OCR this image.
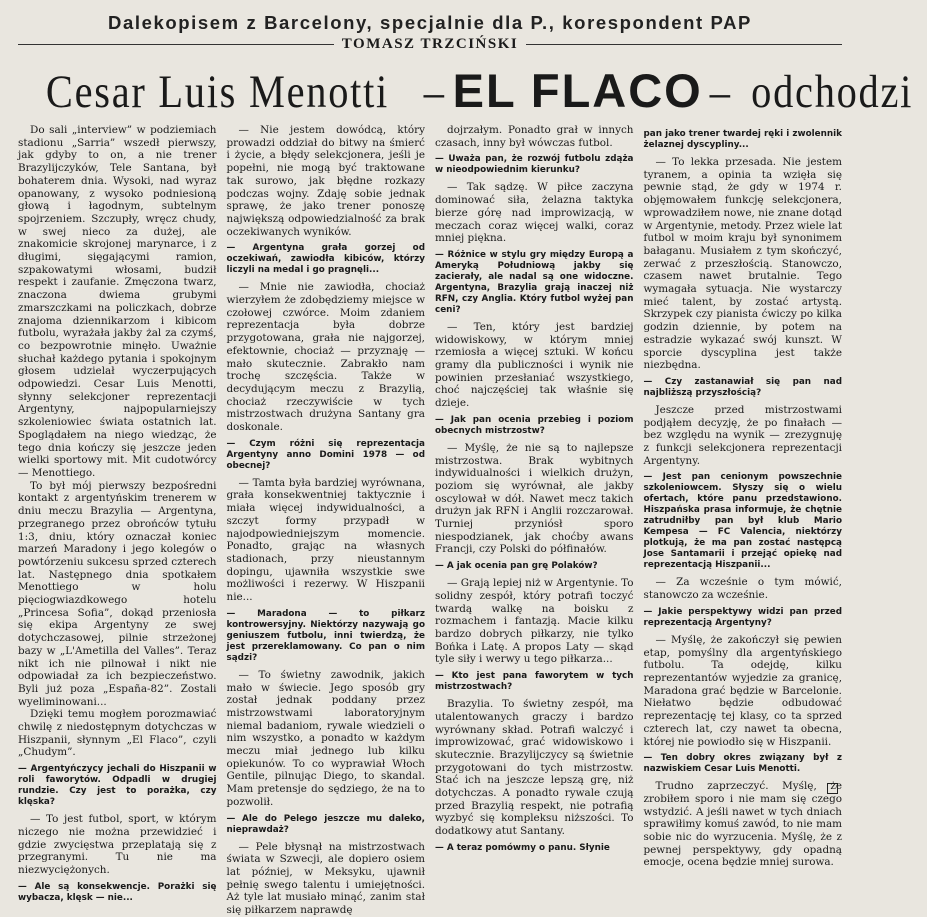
Dalekopisem z Barcelony, specjalnie dla P., korespondent PAP
TOMASZ TRZCIŃSKI
Cesar Luis Menotti – EL FLACO – odchodzi

Do sali „interview” w podziemiach stadionu „Sarria” wszedł pierwszy, jak gdyby to on, a nie trener Brazylijczyków, Tele Santana, był bohaterem dnia. Wysoki, nad wyraz opanowany, z wysoko podniesioną głową i łagodnym, subtelnym spojrzeniem. Szczupły, wręcz chudy, w swej nieco za dużej, ale znakomicie skrojonej marynarce, i z długimi, sięgającymi ramion, szpakowatymi włosami, budził respekt i zaufanie. Zmęczona twarz, znaczona dwiema grubymi zmarszczkami na policzkach, dobrze znajoma dziennikarzom i kibicom futbolu, wyrażała jakby żal za czymś, co bezpowrotnie minęło. Uważnie słuchał każdego pytania i spokojnym głosem udzielał wyczerpujących odpowiedzi. Cesar Luis Menotti, słynny selekcjoner reprezentacji Argentyny, najpopularniejszy szkoleniowiec świata ostatnich lat. Spoglądałem na niego wiedząc, że tego dnia kończy się jeszcze jeden wielki sportowy mit. Mit cudotwórcy — Menottiego.

To był mój pierwszy bezpośredni kontakt z argentyńskim trenerem w dniu meczu Brazylia — Argentyna, przegranego przez obrońców tytułu 1:3, dniu, który oznaczał koniec marzeń Maradony i jego kolegów o powtórzeniu sukcesu sprzed czterech lat. Następnego dnia spotkałem Menottiego w holu pięciogwiazdkowego hotelu „Princesa Sofia”, dokąd przeniosła się ekipa Argentyny ze swej dotychczasowej, pilnie strzeżonej bazy w „L'Ametilla del Valles”. Teraz nikt ich nie pilnował i nikt nie odpowiadał za ich bezpieczeństwo. Byli już poza „España-82”. Zostali wyeliminowani...

Dzięki temu mogłem porozmawiać chwilę z niedostępnym dotychczas w Hiszpanii, słynnym „El Flaco”, czyli „Chudym”.

— Argentyńczycy jechali do Hiszpanii w roli faworytów. Odpadli w drugiej rundzie. Czy jest to porażka, czy klęska?

— To jest futbol, sport, w którym niczego nie można przewidzieć i gdzie zwycięstwa przeplatają się z przegranymi. Tu nie ma niezwyciężonych.

— Ale są konsekwencje. Porażki się wybacza, klęsk — nie...

— Nie jestem dowódcą, który prowadzi oddział do bitwy na śmierć i życie, a błędy selekcjonera, jeśli je popełni, nie mogą być traktowane tak surowo, jak błędne rozkazy podczas wojny. Zdaję sobie jednak sprawę, że jako trener ponoszę największą odpowiedzialność za brak oczekiwanych wyników.

— Argentyna grała gorzej od oczekiwań, zawiodła kibiców, którzy liczyli na medal i go pragnęli...

— Mnie nie zawiodła, chociaż wierzyłem że zdobędziemy miejsce w czołowej czwórce. Moim zdaniem reprezentacja była dobrze przygotowana, grała nie najgorzej, efektownie, chociaż — przyznaję — mało skutecznie. Zabrakło nam trochę szczęścia. Także w decydującym meczu z Brazylią, chociaż rzeczywiście w tych mistrzostwach drużyna Santany gra doskonale.

— Czym różni się reprezentacja Argentyny anno Domini 1978 — od obecnej?

— Tamta była bardziej wyrównana, grała konsekwentniej taktycznie i miała więcej indywidualności, a szczyt formy przypadł w najodpowiedniejszym momencie. Ponadto, grając na własnych stadionach, przy nieustannym dopingu, ujawniła wszystkie swe możliwości i rezerwy. W Hiszpanii nie...

— Maradona — to piłkarz kontrowersyjny. Niektórzy nazywają go geniuszem futbolu, inni twierdzą, że jest przereklamowany. Co pan o nim sądzi?

— To świetny zawodnik, jakich mało w świecie. Jego sposób gry został jednak poddany przez mistrzowstwami laboratoryjnym niemal badaniom, rywale wiedzieli o nim wszystko, a ponadto w każdym meczu miał jednego lub kilku opiekunów. To co wyprawiał Włoch Gentile, pilnując Diego, to skandal. Mam pretensje do sędziego, że na to pozwolił.

— Ale do Pelego jeszcze mu daleko, nieprawdaż?

— Pele błysnął na mistrzostwach świata w Szwecji, ale dopiero osiem lat później, w Meksyku, ujawnił pełnię swego talentu i umiejętności. Aż tyle lat musiało minąć, zanim stał się piłkarzem naprawdę

dojrzałym. Ponadto grał w innych czasach, inny był wówczas futbol.

— Uważa pan, że rozwój futbolu zdąża w nieodpowiednim kierunku?

— Tak sądzę. W piłce zaczyna dominować siła, żelazna taktyka bierze górę nad improwizacją, w meczach coraz więcej walki, coraz mniej piękna.

— Różnice w stylu gry między Europą a Ameryką Południową jakby się zacierały, ale nadal są one widoczne. Argentyna, Brazylia grają inaczej niż RFN, czy Anglia. Który futbol wyżej pan ceni?

— Ten, który jest bardziej widowiskowy, w którym mniej rzemiosła a więcej sztuki. W końcu gramy dla publiczności i wynik nie powinien przesłaniać wszystkiego, choć najczęściej tak właśnie się dzieje.

— Jak pan ocenia przebieg i poziom obecnych mistrzostw?

— Myślę, że nie są to najlepsze mistrzostwa. Brak wybitnych indywidualności i wielkich drużyn, poziom się wyrównał, ale jakby oscylował w dół. Nawet mecz takich drużyn jak RFN i Anglii rozczarował. Turniej przyniósł sporo niespodzianek, jak choćby awans Francji, czy Polski do półfinałów.

— A jak ocenia pan grę Polaków?

— Grają lepiej niż w Argentynie. To solidny zespół, który potrafi toczyć twardą walkę na boisku z rozmachem i fantazją. Macie kilku bardzo dobrych piłkarzy, nie tylko Bońka i Latę. A propos Laty — skąd tyle siły i werwy u tego piłkarza...

— Kto jest pana faworytem w tych mistrzostwach?

Brazylia. To świetny zespół, ma utalentowanych graczy i bardzo wyrównany skład. Potrafi walczyć i improwizować, grać widowiskowo i skutecznie. Brazylijczycy są świetnie przygotowani do tych mistrzostw. Stać ich na jeszcze lepszą grę, niż dotychczas. A ponadto rywale czują przed Brazylią respekt, nie potrafią wyzbyć się kompleksu niższości. To dodatkowy atut Santany.

— A teraz pomówmy o panu. Słynie

pan jako trener twardej ręki i zwolennik żelaznej dyscypliny...

— To lekka przesada. Nie jestem tyranem, a opinia ta wzięła się pewnie stąd, że gdy w 1974 r. objęmowałem funkcję selekcjonera, wprowadziłem nowe, nie znane dotąd w Argentynie, metody. Przez wiele lat futbol w moim kraju był synonimem bałaganu. Musiałem z tym skończyć, zerwać z przeszłością. Stanowczo, czasem nawet brutalnie. Tego wymagała sytuacja. Nie wystarczy mieć talent, by zostać artystą. Skrzypek czy pianista ćwiczy po kilka godzin dziennie, by potem na estradzie wykazać swój kunszt. W sporcie dyscyplina jest także niezbędna.

— Czy zastanawiał się pan nad najbliższą przyszłością?

Jeszcze przed mistrzostwami podjąłem decyzję, że po finałach — bez względu na wynik — zrezygnuję z funkcji selekcjonera reprezentacji Argentyny.

— Jest pan cenionym powszechnie szkoleniowcem. Słyszy się o wielu ofertach, które panu przedstawiono. Hiszpańska prasa informuje, że chętnie zatrudniłby pan był klub Mario Kempesa — FC Valencia, niektórzy plotkują, że ma pan zostać następcą Jose Santamarii i przejąć opiekę nad reprezentacją Hiszpanii...

— Za wcześnie o tym mówić, stanowczo za wcześnie.

— Jakie perspektywy widzi pan przed reprezentacją Argentyny?

— Myślę, że zakończył się pewien etap, pomyślny dla argentyńskiego futbolu. Ta odejdę, kilku reprezentantów wyjedzie za granicę, Maradona grać będzie w Barcelonie. Niełatwo będzie odbudować reprezentację tej klasy, co ta sprzed czterech lat, czy nawet ta obecna, której nie powiodło się w Hiszpanii.

— Ten dobry okres związany był z nazwiskiem Cesar Luis Menotti.

Trudno zaprzeczyć. Myślę, że zrobiłem sporo i nie mam się czego wstydzić. A jeśli nawet w tych dniach sprawiłimy komuś zawód, to nie mam sobie nic do wyrzucenia. Myślę, że z pewnej perspektywy, gdy opadną emocje, ocena będzie mniej surowa.
